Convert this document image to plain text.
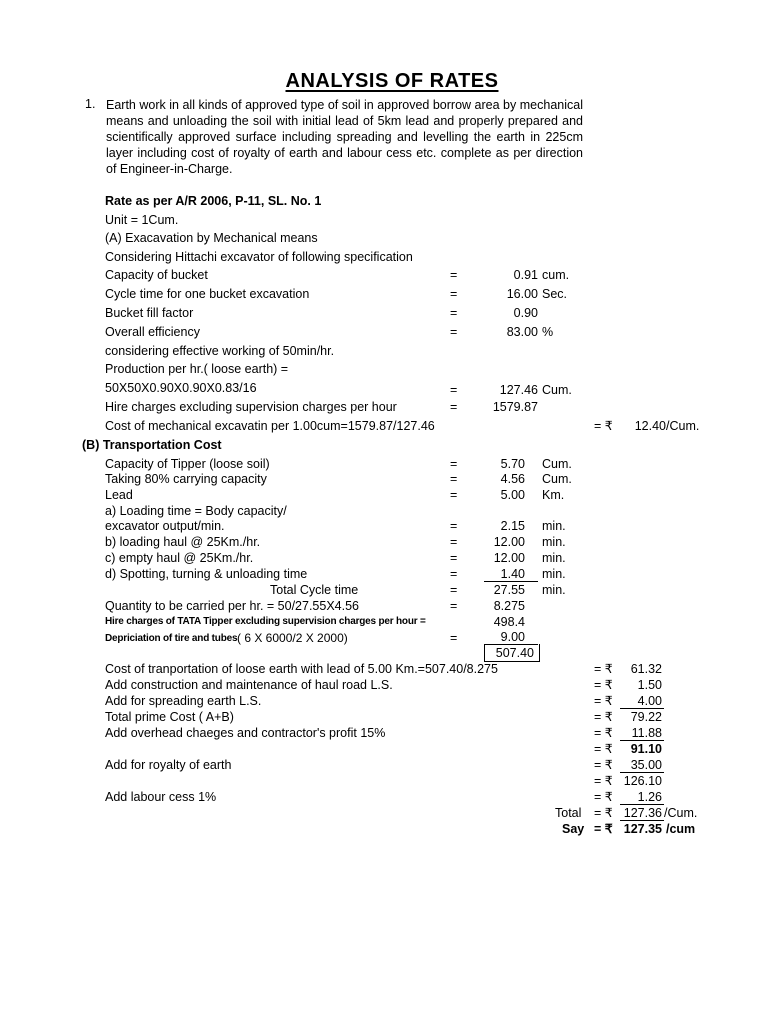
ANALYSIS OF RATES
1. Earth work in all kinds of approved type of soil in approved borrow area by mechanical means and unloading the soil with initial lead of 5km lead and properly prepared and scientifically approved surface including spreading and levelling the earth in 225cm layer including cost of royalty of earth and labour cess etc. complete as per direction of Engineer-in-Charge.
Rate as per A/R 2006, P-11, SL. No. 1
Unit = 1Cum.
(A) Exacavation by Mechanical means
Considering Hittachi excavator of following specification
Capacity of bucket	=	0.91 cum.
Cycle time for one bucket excavation	=	16.00 Sec.
Bucket fill factor	=	0.90
Overall efficiency	=	83.00 %
considering effective working of 50min/hr.
Production per hr.( loose earth) =
50X50X0.90X0.90X0.83/16	=	127.46 Cum.
Hire charges excluding supervision charges per hour	=	1579.87
Cost of mechanical excavatin per 1.00cum=1579.87/127.46	= ₹	12.40 /Cum.
(B) Transportation Cost
Capacity of Tipper (loose soil)	=	5.70 Cum.
Taking 80% carrying capacity	=	4.56 Cum.
Lead	=	5.00 Km.
a) Loading time = Body capacity/
excavator output/min.	=	2.15 min.
b) loading haul @ 25Km./hr.	=	12.00 min.
c) empty haul @ 25Km./hr.	=	12.00 min.
d) Spotting, turning & unloading time	=	1.40 min.
Total Cycle time	=	27.55 min.
Quantity to be carried per hr. = 50/27.55X4.56	=	8.275
Hire charges of TATA Tipper excluding supervision charges per hour =	498.4
Depriciation of tire and tubes ( 6 X 6000/2 X 2000)	=	9.00
507.40
Cost of tranportation of loose earth with lead of 5.00 Km.=507.40/8.275	= ₹	61.32
Add construction and maintenance of haul road L.S.	= ₹	1.50
Add for spreading earth L.S.	= ₹	4.00
Total prime Cost ( A+B)	= ₹	79.22
Add overhead chaeges and contractor's profit 15%	= ₹	11.88
= ₹	91.10
Add for royalty of earth	= ₹	35.00
= ₹ 126.10
Add labour cess 1%	= ₹	1.26
Total = ₹ 127.36 /Cum.
Say = ₹ 127.35 /cum
